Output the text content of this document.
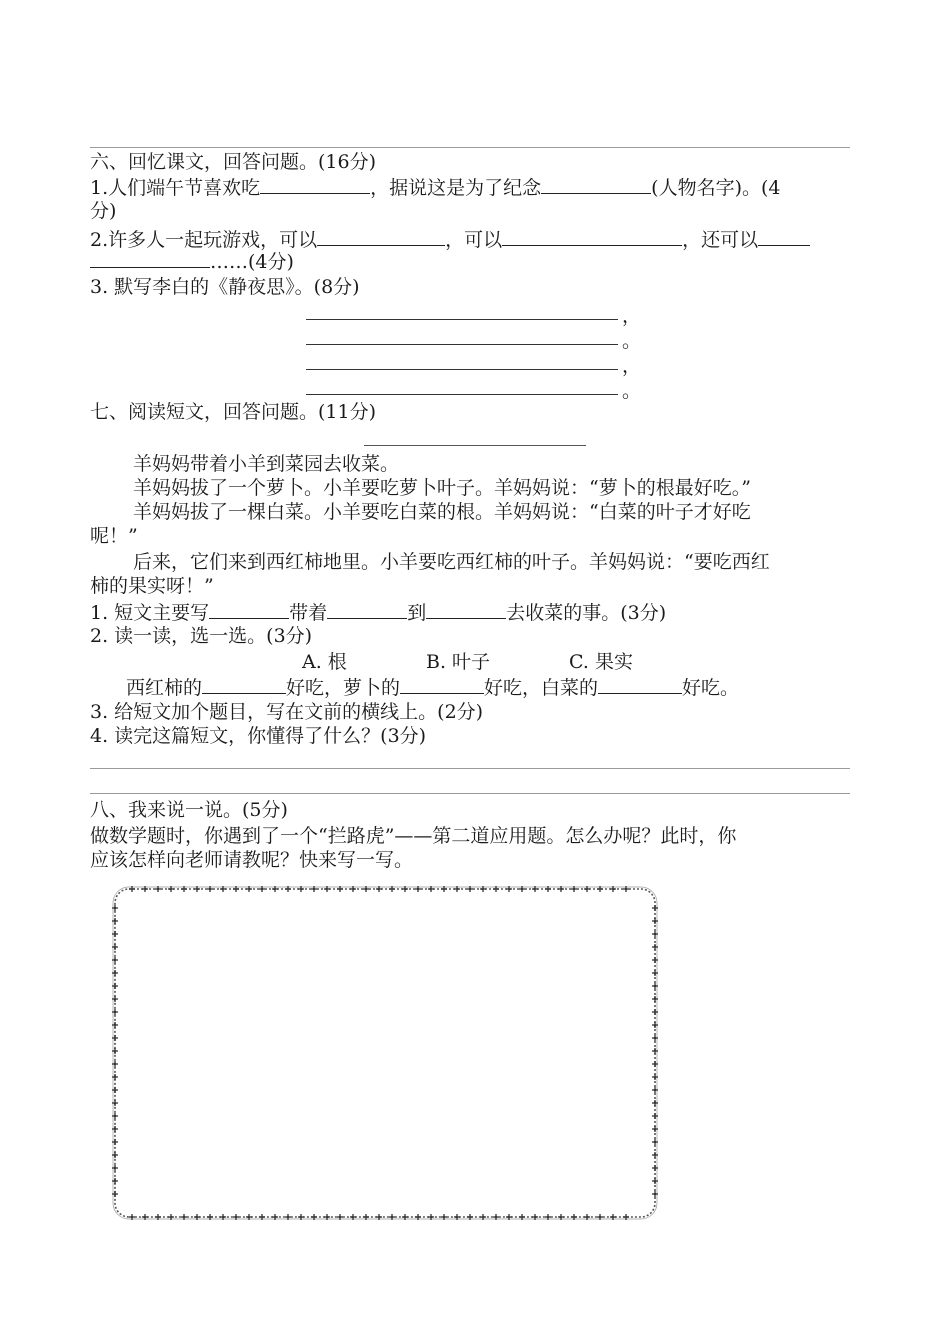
六、回忆课文，回答问题。(16分)
1.人们端午节喜欢吃	，据说这是为了纪念	(人物名字)。(4
分)
2.许多人一起玩游戏，可以	，可以	，还可以
……(4分)
3. 默写李白的《静夜思》。(8分)
，
。
，
。
七、阅读短文，回答问题。(11分)
羊妈妈带着小羊到菜园去收菜。
羊妈妈拔了一个萝卜。小羊要吃萝卜叶子。羊妈妈说：“萝卜的根最好吃。”
羊妈妈拔了一棵白菜。小羊要吃白菜的根。羊妈妈说：“白菜的叶子才好吃
呢！”
后来，它们来到西红柿地里。小羊要吃西红柿的叶子。羊妈妈说：“要吃西红
柿的果实呀！”
1. 短文主要写	带着	到	去收菜的事。(3分)
2. 读一读，选一选。(3分)
A. 根	B. 叶子	C. 果实
西红柿的	好吃，萝卜的	好吃，白菜的	好吃。
3. 给短文加个题目，写在文前的横线上。(2分)
4. 读完这篇短文，你懂得了什么？(3分)
八、我来说一说。(5分)
做数学题时，你遇到了一个“拦路虎”——第二道应用题。怎么办呢？此时，你
应该怎样向老师请教呢？快来写一写。
